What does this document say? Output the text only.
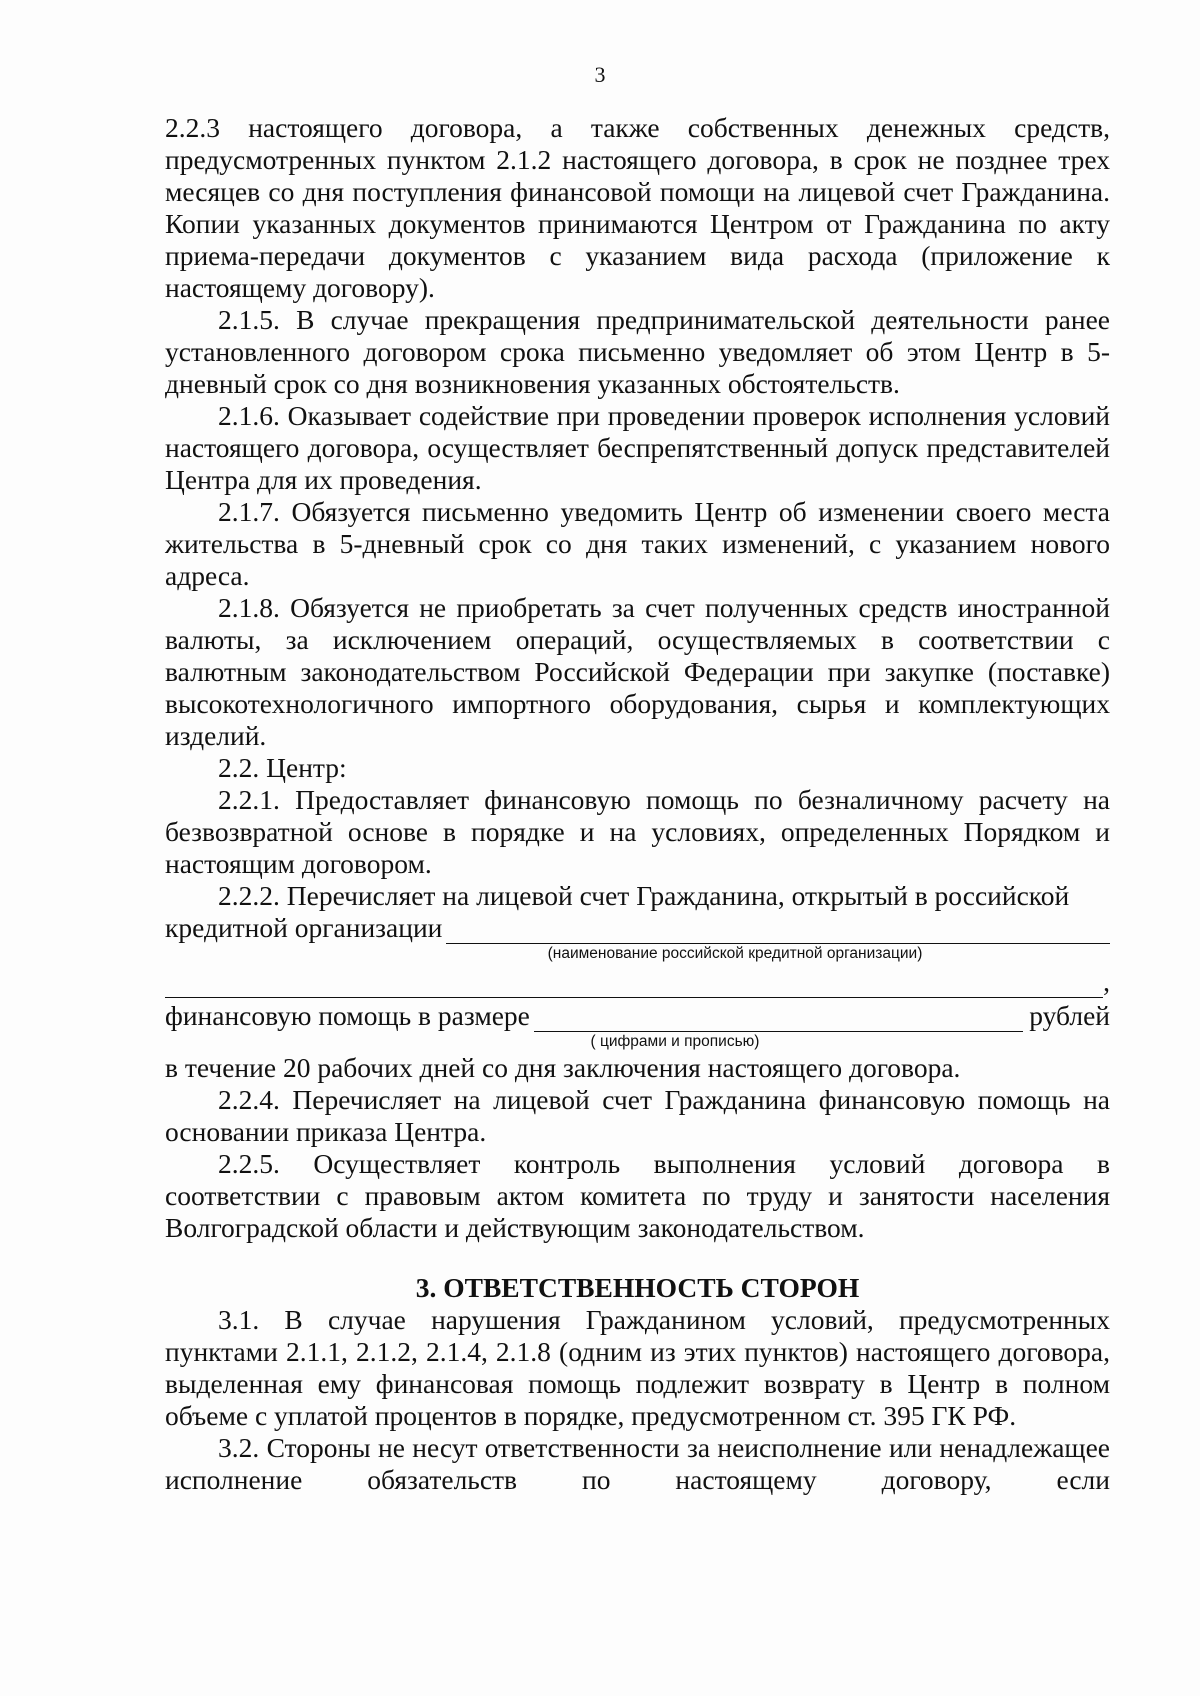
3

2.2.3 настоящего договора, а также собственных денежных средств, предусмотренных пунктом 2.1.2 настоящего договора, в срок не позднее трех месяцев со дня поступления финансовой помощи на лицевой счет Гражданина. Копии указанных документов принимаются Центром от Гражданина по акту приема-передачи документов с указанием вида расхода (приложение к настоящему договору).

2.1.5. В случае прекращения предпринимательской деятельности ранее установленного договором срока письменно уведомляет об этом Центр в 5-дневный срок со дня возникновения указанных обстоятельств.

2.1.6. Оказывает содействие при проведении проверок исполнения условий настоящего договора, осуществляет беспрепятственный допуск представителей Центра для их проведения.

2.1.7. Обязуется письменно уведомить Центр об изменении своего места жительства в 5-дневный срок со дня таких изменений, с указанием нового адреса.

2.1.8. Обязуется не приобретать за счет полученных средств иностранной валюты, за исключением операций, осуществляемых в соответствии с валютным законодательством Российской Федерации при закупке (поставке) высокотехнологичного импортного оборудования, сырья и комплектующих изделий.

2.2. Центр:

2.2.1. Предоставляет финансовую помощь по безналичному расчету на безвозвратной основе в порядке и на условиях, определенных Порядком и настоящим договором.

2.2.2. Перечисляет на лицевой счет Гражданина, открытый в российской

кредитной организации
(наименование российской кредитной организации)
,
финансовую помощь в размере	рублей
( цифрами и прописью)

в течение 20 рабочих дней со дня заключения настоящего договора.

2.2.4. Перечисляет на лицевой счет Гражданина финансовую помощь на основании приказа Центра.

2.2.5. Осуществляет контроль выполнения условий договора в соответствии с правовым актом комитета по труду и занятости населения Волгоградской области и действующим законодательством.

3. ОТВЕТСТВЕННОСТЬ СТОРОН

3.1. В случае нарушения Гражданином условий, предусмотренных пунктами 2.1.1, 2.1.2, 2.1.4, 2.1.8 (одним из этих пунктов) настоящего договора, выделенная ему финансовая помощь подлежит возврату в Центр в полном объеме с уплатой процентов в порядке, предусмотренном ст. 395 ГК РФ.

3.2. Стороны не несут ответственности за неисполнение или ненадлежащее исполнение обязательств по настоящему договору, если
